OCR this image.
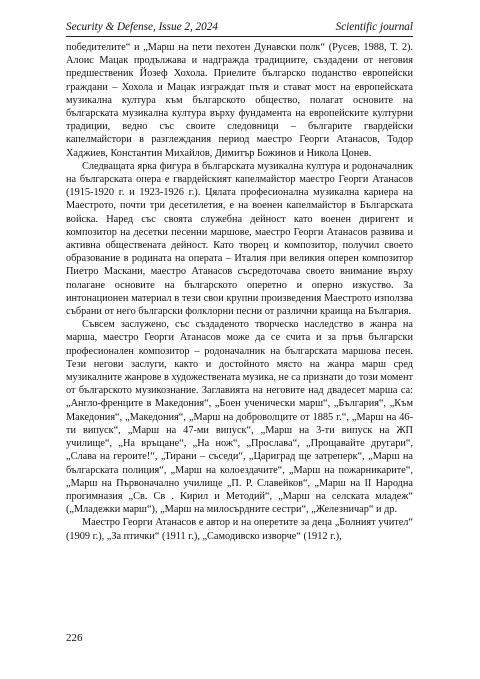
Security & Defense, Issue 2, 2024	Scientific journal

победителите“ и „Марш на пети пехотен Дунавски полк“ (Русев, 1988, Т. 2). Алоис Мацак продължава и надгражда традициите, създадени от неговия предшественик Йозеф Хохола. Приелите българско поданство европейски граждани – Хохола и Мацак изграждат пътя и стават мост на европейската музикална култура към българското общество, полагат основите на българската музикална култура върху фундамента на европейските културни традиции, ведно със своите следовници – българите гвардейски капелмайстори в разглеждания период маестро Георги Атанасов, Тодор Хаджиев, Константин Михайлов, Димитър Божинов и Никола Цонев.

Следващата ярка фигура в българската музикална култура и родоначалник на българската опера е гвардейският капелмайстор маестро Георги Атанасов (1915-1920 г. и 1923-1926 г.). Цялата професионална музикална кариера на Маестрото, почти три десетилетия, е на военен капелмайстор в Българската войска. Наред със своята служебна дейност като военен диригент и композитор на десетки песенни маршове, маестро Георги Атанасов развива и активна обществената дейност. Като творец и композитор, получил своето образование в родината на операта – Италия при великия оперен композитор Пиетро Маскани, маестро Атанасов съсредоточава своето внимание върху полагане основите на българското оперетно и оперно изкуство. За интонационен материал в тези свои крупни произведения Маестрото използва събрани от него български фолклорни песни от различни краища на България.

Съвсем заслужено, със създаденото творческо наследство в жанра на марша, маестро Георги Атанасов може да се счита и за пръв български професионален композитор – родоначалник на българската маршова песен. Тези негови заслуги, както и достойното място на жанра марш сред музикалните жанрове в художествената музика, не са признати до този момент от българското музикознание. Заглавията на неговите над двадесет марша са: „Англо-френците в Македония“, „Боен ученически марш“, „България“, „Към Македония“, „Македония“, „Марш на доброволците от 1885 г.“, „Марш на 46-ти випуск“, „Марш на 47-ми випуск“, „Марш на 3-ти випуск на ЖП училище“, „На връщане“, „На нож“, „Прослава“, „Прощавайте другари“, „Слава на героите!“, „Тирани – съседи“, „Цариград ще затреперк“, „Марш на българската полиция“, „Марш на колоездачите“, „Марш на пожарникарите“, „Марш на Първоначално училище „П. Р. Славейков“, „Марш на II Народна прогимназия „Св. Св . Кирил и Методий“, „Марш на селската младеж“ („Младежки марш“), „Марш на милосърдните сестри“, „Железничар“ и др.

Маестро Георги Атанасов е автор и на оперетите за деца „Болният учител“ (1909 г.), „За птички“ (1911 г.), „Самодивско изворче“ (1912 г.),

226
